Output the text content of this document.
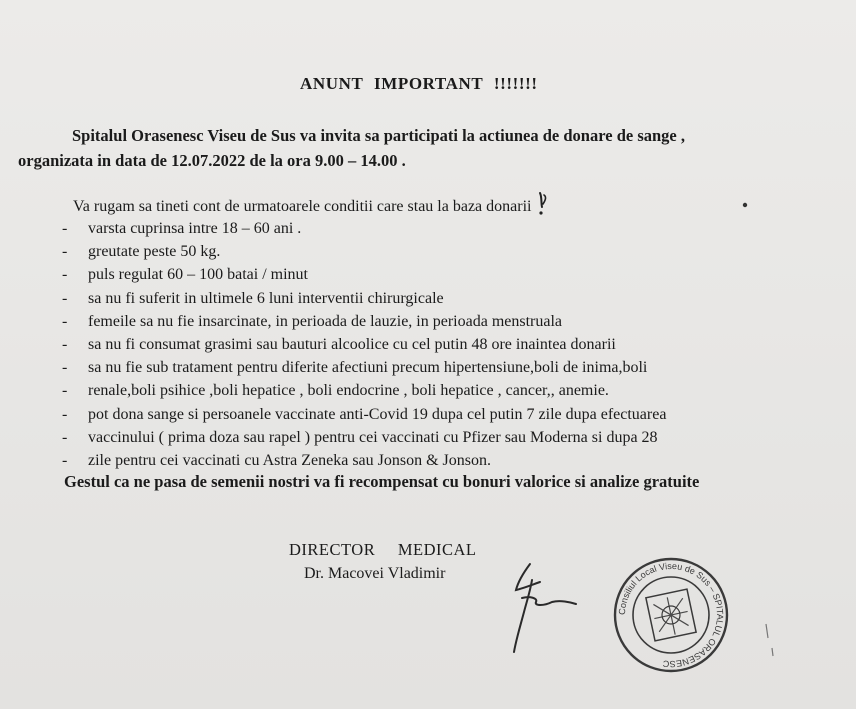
ANUNT IMPORTANT !!!!!!!
Spitalul Orasenesc Viseu de Sus va invita sa participati la actiunea de donare de sange ,
organizata in data de 12.07.2022 de la ora 9.00 – 14.00 .
Va rugam sa tineti cont de urmatoarele conditii care stau la baza donarii
- varsta cuprinsa intre 18 – 60 ani .
- greutate peste 50 kg.
- puls regulat 60 – 100 batai / minut
- sa nu fi suferit in ultimele 6 luni interventii chirurgicale
- femeile sa nu fie insarcinate, in perioada de lauzie, in perioada menstruala
- sa nu fi consumat grasimi sau bauturi alcoolice cu cel putin 48 ore inaintea donarii
- sa nu fie sub tratament pentru diferite afectiuni precum hipertensiune,boli de inima,boli
- renale,boli psihice ,boli hepatice , boli endocrine , boli hepatice , cancer,, anemie.
- pot dona sange si persoanele vaccinate anti-Covid 19 dupa cel putin 7 zile dupa efectuarea
- vaccinului ( prima doza sau rapel ) pentru cei vaccinati cu Pfizer sau Moderna si dupa 28
- zile pentru cei vaccinati cu Astra Zeneka sau Jonson & Jonson.
Gestul ca ne pasa de semenii nostri va fi recompensat cu bonuri valorice si analize gratuite
DIRECTOR MEDICAL
Dr. Macovei Vladimir
Consiliul Local Viseu de Sus – SPITALUL ORASENESC
